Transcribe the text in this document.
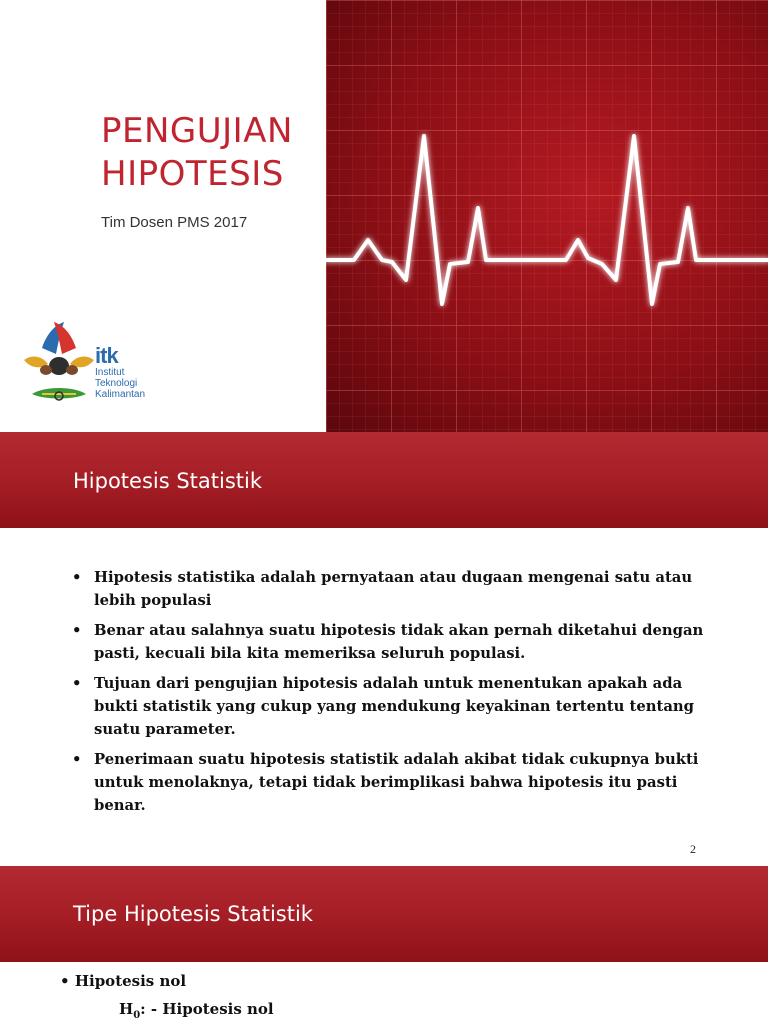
PENGUJIAN
HIPOTESIS
Tim Dosen PMS 2017
itk
Institut
Teknologi
Kalimantan
Hipotesis Statistik
• Hipotesis statistika adalah pernyataan atau dugaan mengenai satu atau lebih populasi
• Benar atau salahnya suatu hipotesis tidak akan pernah diketahui dengan pasti, kecuali bila kita memeriksa seluruh populasi.
• Tujuan dari pengujian hipotesis adalah untuk menentukan apakah ada bukti statistik yang cukup yang mendukung keyakinan tertentu tentang suatu parameter.
• Penerimaan suatu hipotesis statistik adalah akibat tidak cukupnya bukti untuk menolaknya, tetapi tidak berimplikasi bahwa hipotesis itu pasti benar.
2
Tipe Hipotesis Statistik
• Hipotesis nol
$H_0$: - Hipotesis nol
